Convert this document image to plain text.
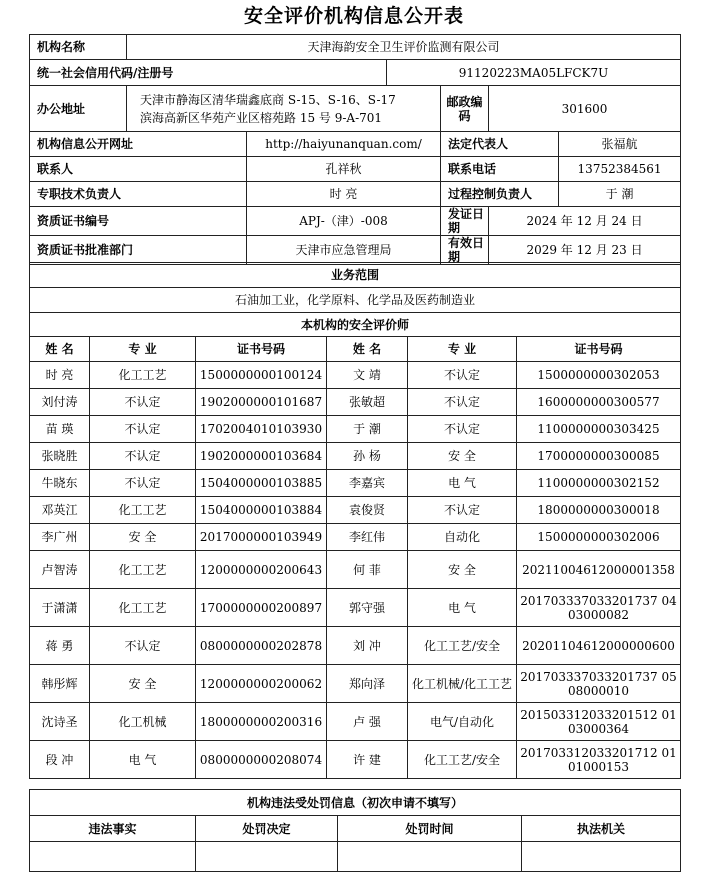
安全评价机构信息公开表
机构名称	天津海韵安全卫生评价监测有限公司					
统一社会信用代码/注册号			91120223MA05LFCK7U			
办公地址	天津市静海区清华瑞鑫底商 S-15、S-16、S-17
滨海高新区华苑产业区榕苑路 15 号 9-A-701			邮政编码	301600	
机构信息公开网址		http://haiyunanquan.com/		法定代表人		张福航
联系人		孔祥秋		联系电话		13752384561
专职技术负责人		时 亮		过程控制负责人		于 潮
资质证书编号		APJ-（津）-008		发证日期	2024 年 12 月 24 日	
资质证书批准部门		天津市应急管理局		有效日期	2029 年 12 月 23 日	
业务范围
石油加工业，化学原料、化学品及医药制造业
本机构的安全评价师
姓 名	专 业	证书号码	姓 名	专 业	证书号码
时 亮	化工工艺	1500000000100124	文 靖	不认定	1500000000302053
刘付涛	不认定	1902000000101687	张敏超	不认定	1600000000300577
苗 瑛	不认定	1702004010103930	于 潮	不认定	1100000000303425
张晓胜	不认定	1902000000103684	孙 杨	安 全	1700000000300085
牛晓东	不认定	1504000000103885	李嘉宾	电 气	1100000000302152
邓英江	化工工艺	1504000000103884	袁俊贤	不认定	1800000000300018
李广州	安 全	2017000000103949	李红伟	自动化	1500000000302006
卢智涛	化工工艺	1200000000200643	何 菲	安 全	20211004612000001358
于潇潇	化工工艺	1700000000200897	郭守强	电 气	201703337033201737 0403000082
蒋 勇	不认定	0800000000202878	刘 冲	化工工艺/安全	20201104612000000600
韩彤辉	安 全	1200000000200062	郑向泽	化工机械/化工工艺	201703337033201737 0508000010
沈诗圣	化工机械	1800000000200316	卢 强	电气/自动化	201503312033201512 0103000364
段 冲	电 气	0800000000208074	许 建	化工工艺/安全	201703312033201712 0101000153
机构违法受处罚信息（初次申请不填写）			
违法事实	处罚决定	处罚时间	执法机关
